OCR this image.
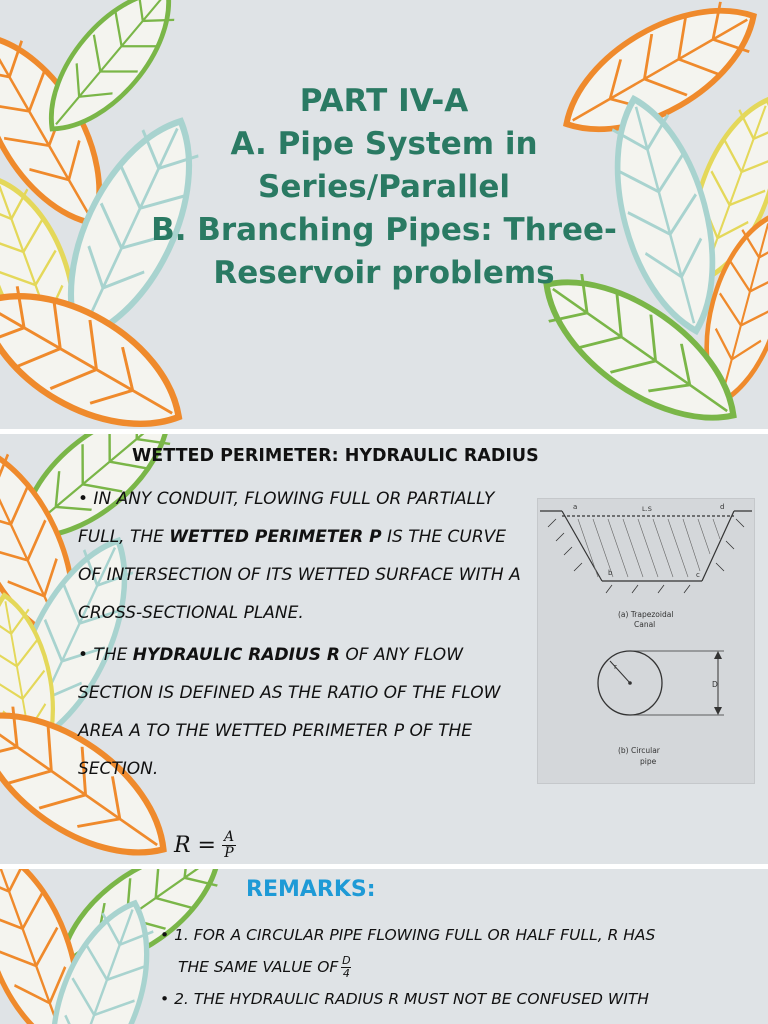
PART IV-A
A. Pipe System in
Series/Parallel
B. Branching Pipes: Three-
Reservoir problems
WETTED PERIMETER: HYDRAULIC RADIUS

• IN ANY CONDUIT, FLOWING FULL OR PARTIALLY FULL, THE WETTED PERIMETER P IS THE CURVE OF INTERSECTION OF ITS WETTED SURFACE WITH A CROSS-SECTIONAL PLANE.

• THE HYDRAULIC RADIUS R OF ANY FLOW SECTION IS DEFINED AS THE RATIO OF THE FLOW AREA A TO THE WETTED PERIMETER P OF THE SECTION.

$R = \frac{A}{P}$
a	d
L.S
b	c
(a) Trapezoidal
Canal
r
D
(b) Circular
pipe
REMARKS:

• 1. FOR A CIRCULAR PIPE FLOWING FULL OR HALF FULL, R HAS

THE SAME VALUE OF $\frac{D}{4}$

• 2. THE HYDRAULIC RADIUS R MUST NOT BE CONFUSED WITH
